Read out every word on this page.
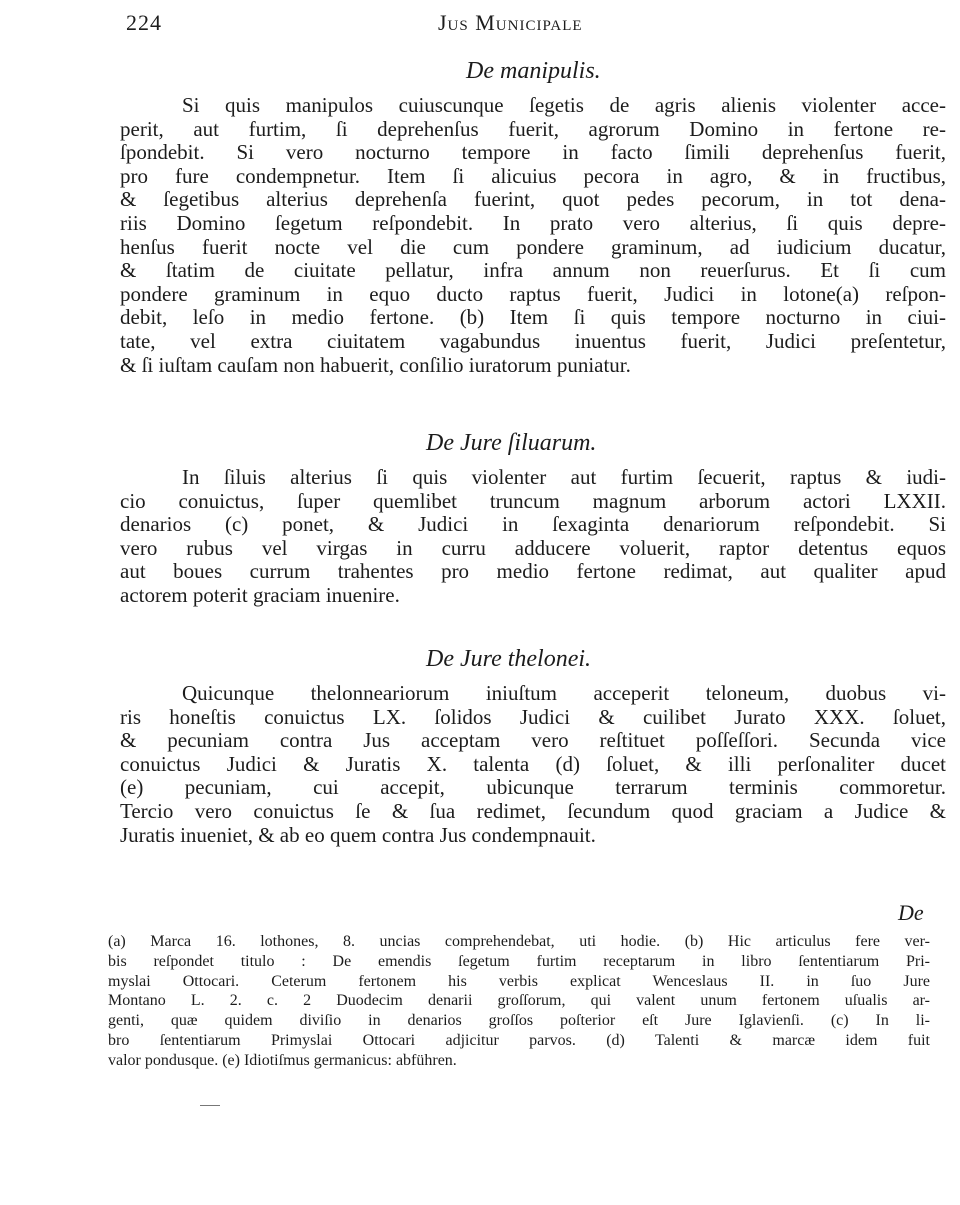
224	Jus Municipale
De manipulis.
Si quis manipulos cuiuscunque ſegetis de agris alienis violenter acce-
perit, aut furtim, ſi deprehenſus fuerit, agrorum Domino in fertone re-
ſpondebit. Si vero nocturno tempore in facto ſimili deprehenſus fuerit,
pro fure condempnetur. Item ſi alicuius pecora in agro, & in fructibus,
& ſegetibus alterius deprehenſa fuerint, quot pedes pecorum, in tot dena-
riis Domino ſegetum reſpondebit. In prato vero alterius, ſi quis depre-
henſus fuerit nocte vel die cum pondere graminum, ad iudicium ducatur,
& ſtatim de ciuitate pellatur, infra annum non reuerſurus. Et ſi cum
pondere graminum in equo ducto raptus fuerit, Judici in lotone(a) reſpon-
debit, leſo in medio fertone. (b) Item ſi quis tempore nocturno in ciui-
tate, vel extra ciuitatem vagabundus inuentus fuerit, Judici preſentetur,
& ſi iuſtam cauſam non habuerit, conſilio iuratorum puniatur.
De Jure ſiluarum.
In ſiluis alterius ſi quis violenter aut furtim ſecuerit, raptus & iudi-
cio conuictus, ſuper quemlibet truncum magnum arborum actori LXXII.
denarios (c) ponet, & Judici in ſexaginta denariorum reſpondebit. Si
vero rubus vel virgas in curru adducere voluerit, raptor detentus equos
aut boues currum trahentes pro medio fertone redimat, aut qualiter apud
actorem poterit graciam inuenire.
De Jure thelonei.
Quicunque thelonneariorum iniuſtum acceperit teloneum, duobus vi-
ris honeſtis conuictus LX. ſolidos Judici & cuilibet Jurato XXX. ſoluet,
& pecuniam contra Jus acceptam vero reſtituet poſſeſſori. Secunda vice
conuictus Judici & Juratis X. talenta (d) ſoluet, & illi perſonaliter ducet
(e) pecuniam, cui accepit, ubicunque terrarum terminis commoretur.
Tercio vero conuictus ſe & ſua redimet, ſecundum quod graciam a Judice &
Juratis inueniet, & ab eo quem contra Jus condempnauit.
De
(a) Marca 16. lothones, 8. uncias comprehendebat, uti hodie. (b) Hic articulus fere ver-
bis reſpondet titulo : De emendis ſegetum furtim receptarum in libro ſententiarum Pri-
myslai Ottocari. Ceterum fertonem his verbis explicat Wenceslaus II. in ſuo Jure
Montano L. 2. c. 2 Duodecim denarii groſſorum, qui valent unum fertonem uſualis ar-
genti, quæ quidem diviſio in denarios groſſos poſterior eſt Jure Iglavienſi. (c) In li-
bro ſententiarum Primyslai Ottocari adjicitur parvos. (d) Talenti & marcæ idem fuit
valor pondusque. (e) Idiotiſmus germanicus: abführen.
